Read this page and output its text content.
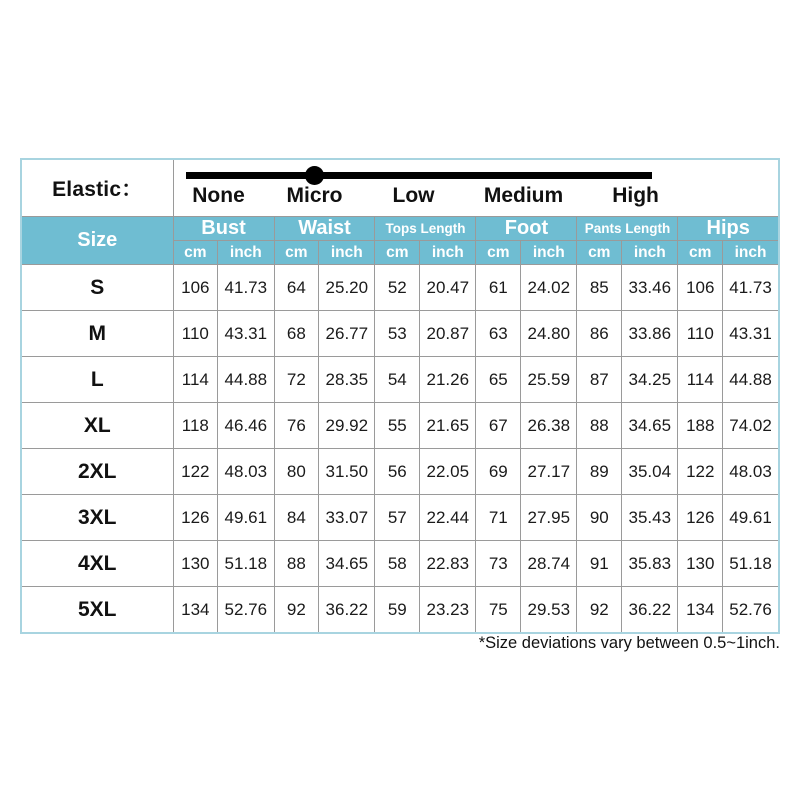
Elastic：	None Micro Low Medium High											

Size	Bust		Waist		Tops Length		Foot		Pants Length		Hips	
	cm	inch	cm	inch	cm	inch	cm	inch	cm	inch	cm	inch
S	106	41.73	64	25.20	52	20.47	61	24.02	85	33.46	106	41.73
M	110	43.31	68	26.77	53	20.87	63	24.80	86	33.86	110	43.31
L	114	44.88	72	28.35	54	21.26	65	25.59	87	34.25	114	44.88
XL	118	46.46	76	29.92	55	21.65	67	26.38	88	34.65	188	74.02
2XL	122	48.03	80	31.50	56	22.05	69	27.17	89	35.04	122	48.03
3XL	126	49.61	84	33.07	57	22.44	71	27.95	90	35.43	126	49.61
4XL	130	51.18	88	34.65	58	22.83	73	28.74	91	35.83	130	51.18
5XL	134	52.76	92	36.22	59	23.23	75	29.53	92	36.22	134	52.76
*Size deviations vary between 0.5~1inch.
